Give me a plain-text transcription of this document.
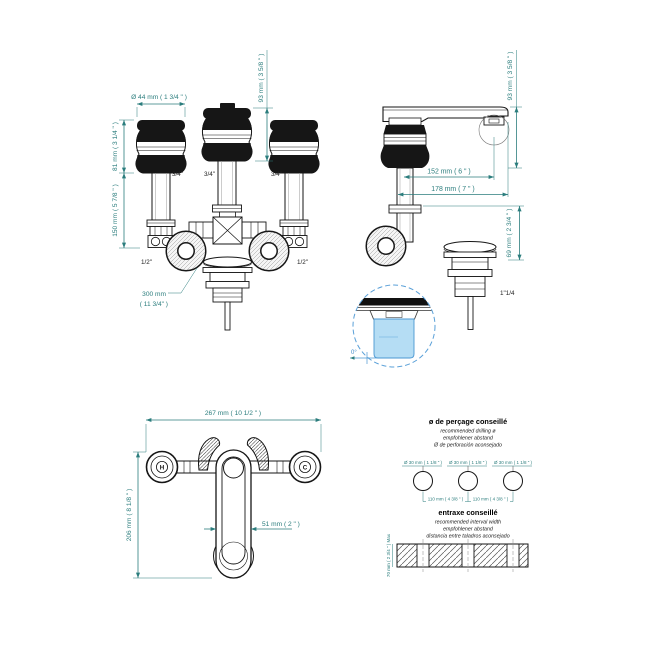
Ø 44 mm ( 1 3/4 " )
81 mm ( 3 1/4 " )
150 mm ( 5 7/8 " )
93 mm ( 3 5/8 " )
3/4"	3/4"	3/4"
1/2"	1/2"
300 mm
( 11 3/4" )
152 mm ( 6 " )
178 mm ( 7 " )
93 mm ( 3 5/8 " )
69 mm ( 2 3/4 " )
1"1/4
0°
H	C
267 mm ( 10 1/2 " )
206 mm ( 8 1/8 " )	51 mm ( 2 " )
ø de perçage conseillé
recommended drilling ø
empfohlener abstand
Ø de perforación aconsejado
Ø 30 mm ( 1 1/8 " ) Ø 30 mm ( 1 1/8 " ) Ø 30 mm ( 1 1/8 " )
110 mm ( 4 3/8 " ) 110 mm ( 4 3/8 " )
entraxe conseillé
recommended interval width
empfohlener abstand
distancia entre taladros aconsejado
70 mm ( 2 3/4 " ) Max
